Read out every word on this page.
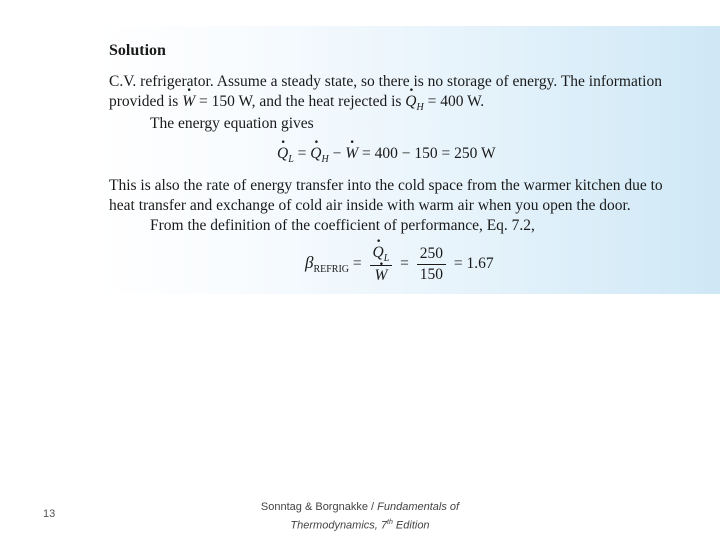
Solution
C.V. refrigerator. Assume a steady state, so there is no storage of energy. The information
provided is · W = 150 W, and the heat rejected is · $Q_H = 400$ W.
The energy equation gives
· $Q_L$ = · $Q_H$ − · W = 400 − 150 = 250 W
This is also the rate of energy transfer into the cold space from the warmer kitchen due to
heat transfer and exchange of cold air inside with warm air when you open the door.
From the definition of the coefficient of performance, Eq. 7.2,
$\beta_{REFRIG}$ = · $Q_L$
· $W = \frac{250}{150} = 1.67$
13
Sonntag & Borgnakke / Fundamentals of Thermodynamics, 7th Edition
